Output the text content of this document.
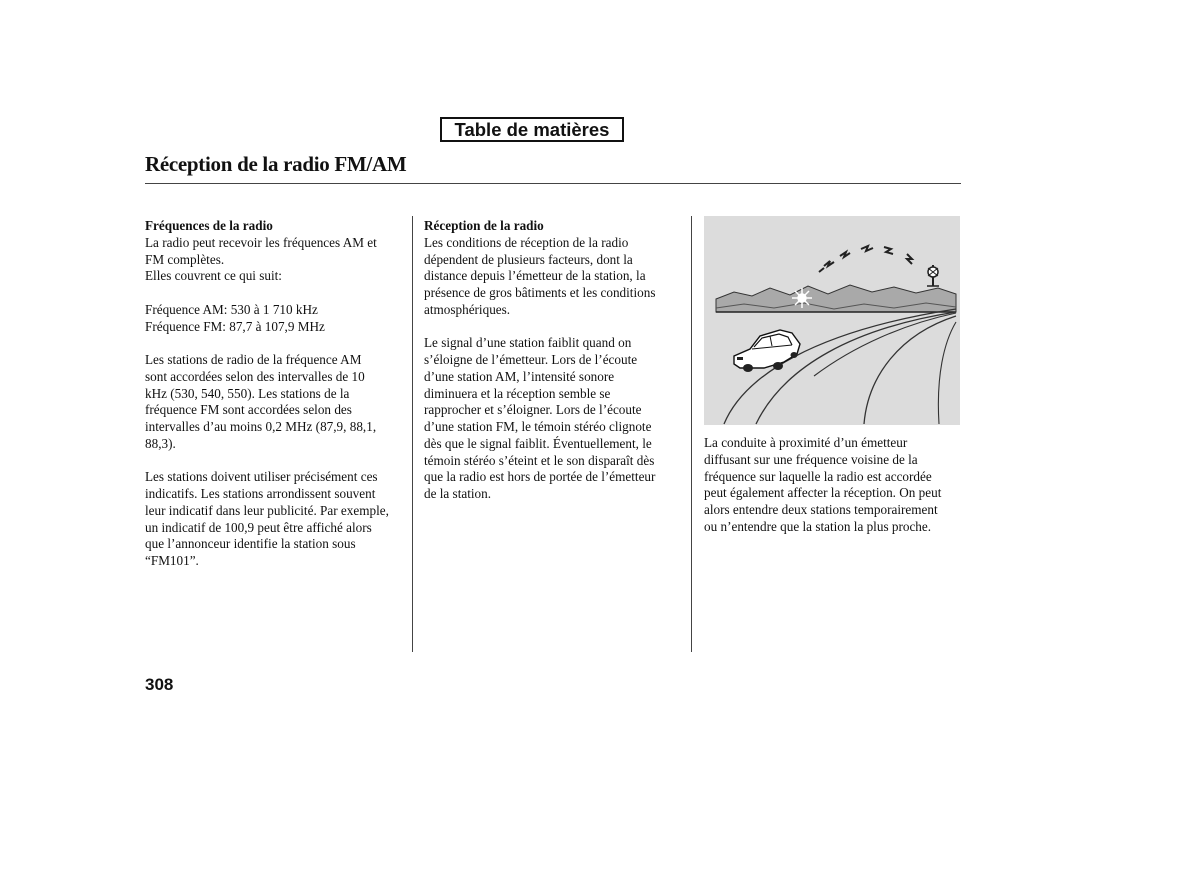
Table de matières
Réception de la radio FM/AM
Fréquences de la radio

La radio peut recevoir les fréquences AM et
FM complètes.
Elles couvrent ce qui suit:

Fréquence AM: 530 à 1 710 kHz
Fréquence FM: 87,7 à 107,9 MHz

Les stations de radio de la fréquence AM
sont accordées selon des intervalles de 10
kHz (530, 540, 550). Les stations de la
fréquence FM sont accordées selon des
intervalles d’au moins 0,2 MHz (87,9, 88,1,
88,3).

Les stations doivent utiliser précisément ces
indicatifs. Les stations arrondissent souvent
leur indicatif dans leur publicité. Par exemple,
un indicatif de 100,9 peut être affiché alors
que l’annonceur identifie la station sous
“FM101”.

Réception de la radio

Les conditions de réception de la radio
dépendent de plusieurs facteurs, dont la
distance depuis l’émetteur de la station, la
présence de gros bâtiments et les conditions
atmosphériques.

Le signal d’une station faiblit quand on
s’éloigne de l’émetteur. Lors de l’écoute
d’une station AM, l’intensité sonore
diminuera et la réception semble se
rapprocher et s’éloigner. Lors de l’écoute
d’une station FM, le témoin stéréo clignote
dès que le signal faiblit. Éventuellement, le
témoin stéréo s’éteint et le son disparaît dès
que la radio est hors de portée de l’émetteur
de la station.

La conduite à proximité d’un émetteur
diffusant sur une fréquence voisine de la
fréquence sur laquelle la radio est accordée
peut également affecter la réception. On peut
alors entendre deux stations temporairement
ou n’entendre que la station la plus proche.

308
